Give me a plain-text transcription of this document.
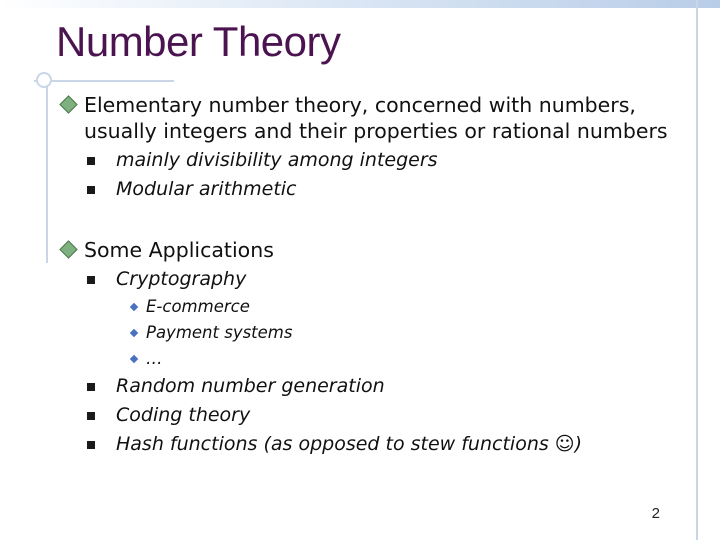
Number Theory
Elementary number theory, concerned with numbers, usually integers and their properties or rational numbers
mainly divisibility among integers
Modular arithmetic
Some Applications
Cryptography
E-commerce
Payment systems
…
Random number generation
Coding theory
Hash functions (as opposed to stew functions ☺)
2
